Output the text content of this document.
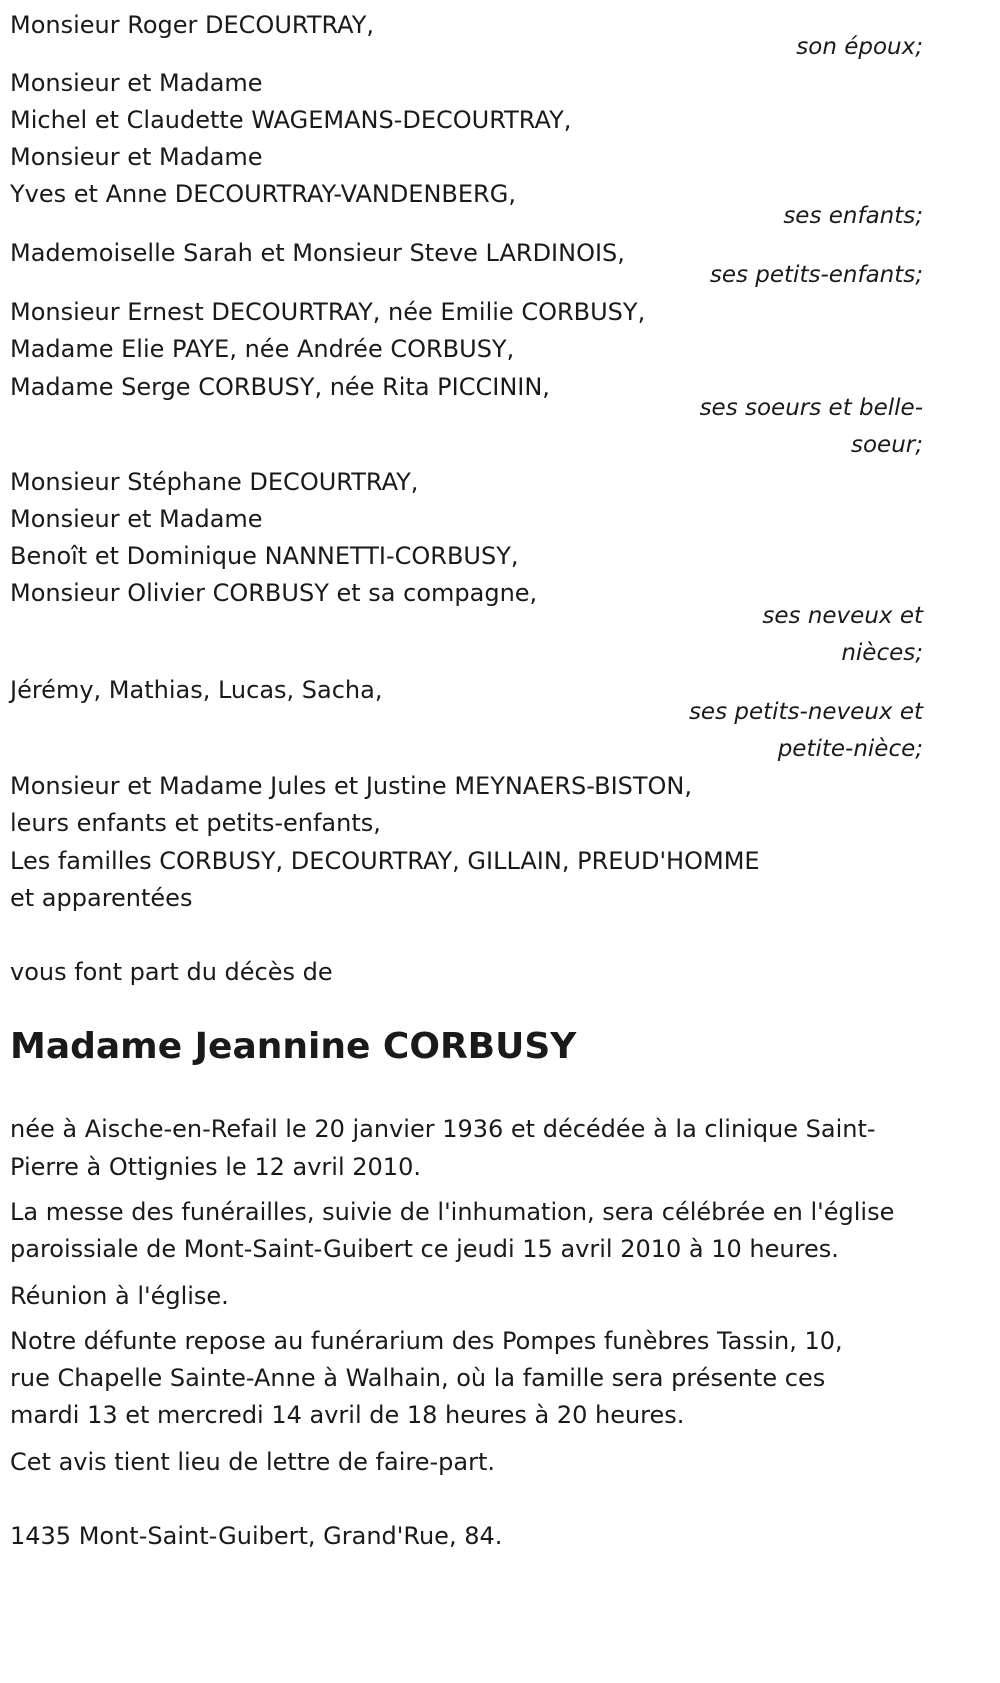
Monsieur Roger DECOURTRAY,
son époux;
Monsieur et Madame
Michel et Claudette WAGEMANS-DECOURTRAY,
Monsieur et Madame
Yves et Anne DECOURTRAY-VANDENBERG,
ses enfants;
Mademoiselle Sarah et Monsieur Steve LARDINOIS,
ses petits-enfants;
Monsieur Ernest DECOURTRAY, née Emilie CORBUSY,
Madame Elie PAYE, née Andrée CORBUSY,
Madame Serge CORBUSY, née Rita PICCININ,
ses soeurs et belle-
soeur;
Monsieur Stéphane DECOURTRAY,
Monsieur et Madame
Benoît et Dominique NANNETTI-CORBUSY,
Monsieur Olivier CORBUSY et sa compagne,
ses neveux et
nièces;
Jérémy, Mathias, Lucas, Sacha,
ses petits-neveux et
petite-nièce;
Monsieur et Madame Jules et Justine MEYNAERS-BISTON,
leurs enfants et petits-enfants,
Les familles CORBUSY, DECOURTRAY, GILLAIN, PREUD'HOMME
et apparentées
vous font part du décès de
Madame Jeannine CORBUSY
née à Aische-en-Refail le 20 janvier 1936 et décédée à la clinique Saint-
Pierre à Ottignies le 12 avril 2010.
La messe des funérailles, suivie de l'inhumation, sera célébrée en l'église
paroissiale de Mont-Saint-Guibert ce jeudi 15 avril 2010 à 10 heures.
Réunion à l'église.
Notre défunte repose au funérarium des Pompes funèbres Tassin, 10,
rue Chapelle Sainte-Anne à Walhain, où la famille sera présente ces
mardi 13 et mercredi 14 avril de 18 heures à 20 heures.
Cet avis tient lieu de lettre de faire-part.
1435 Mont-Saint-Guibert, Grand'Rue, 84.
